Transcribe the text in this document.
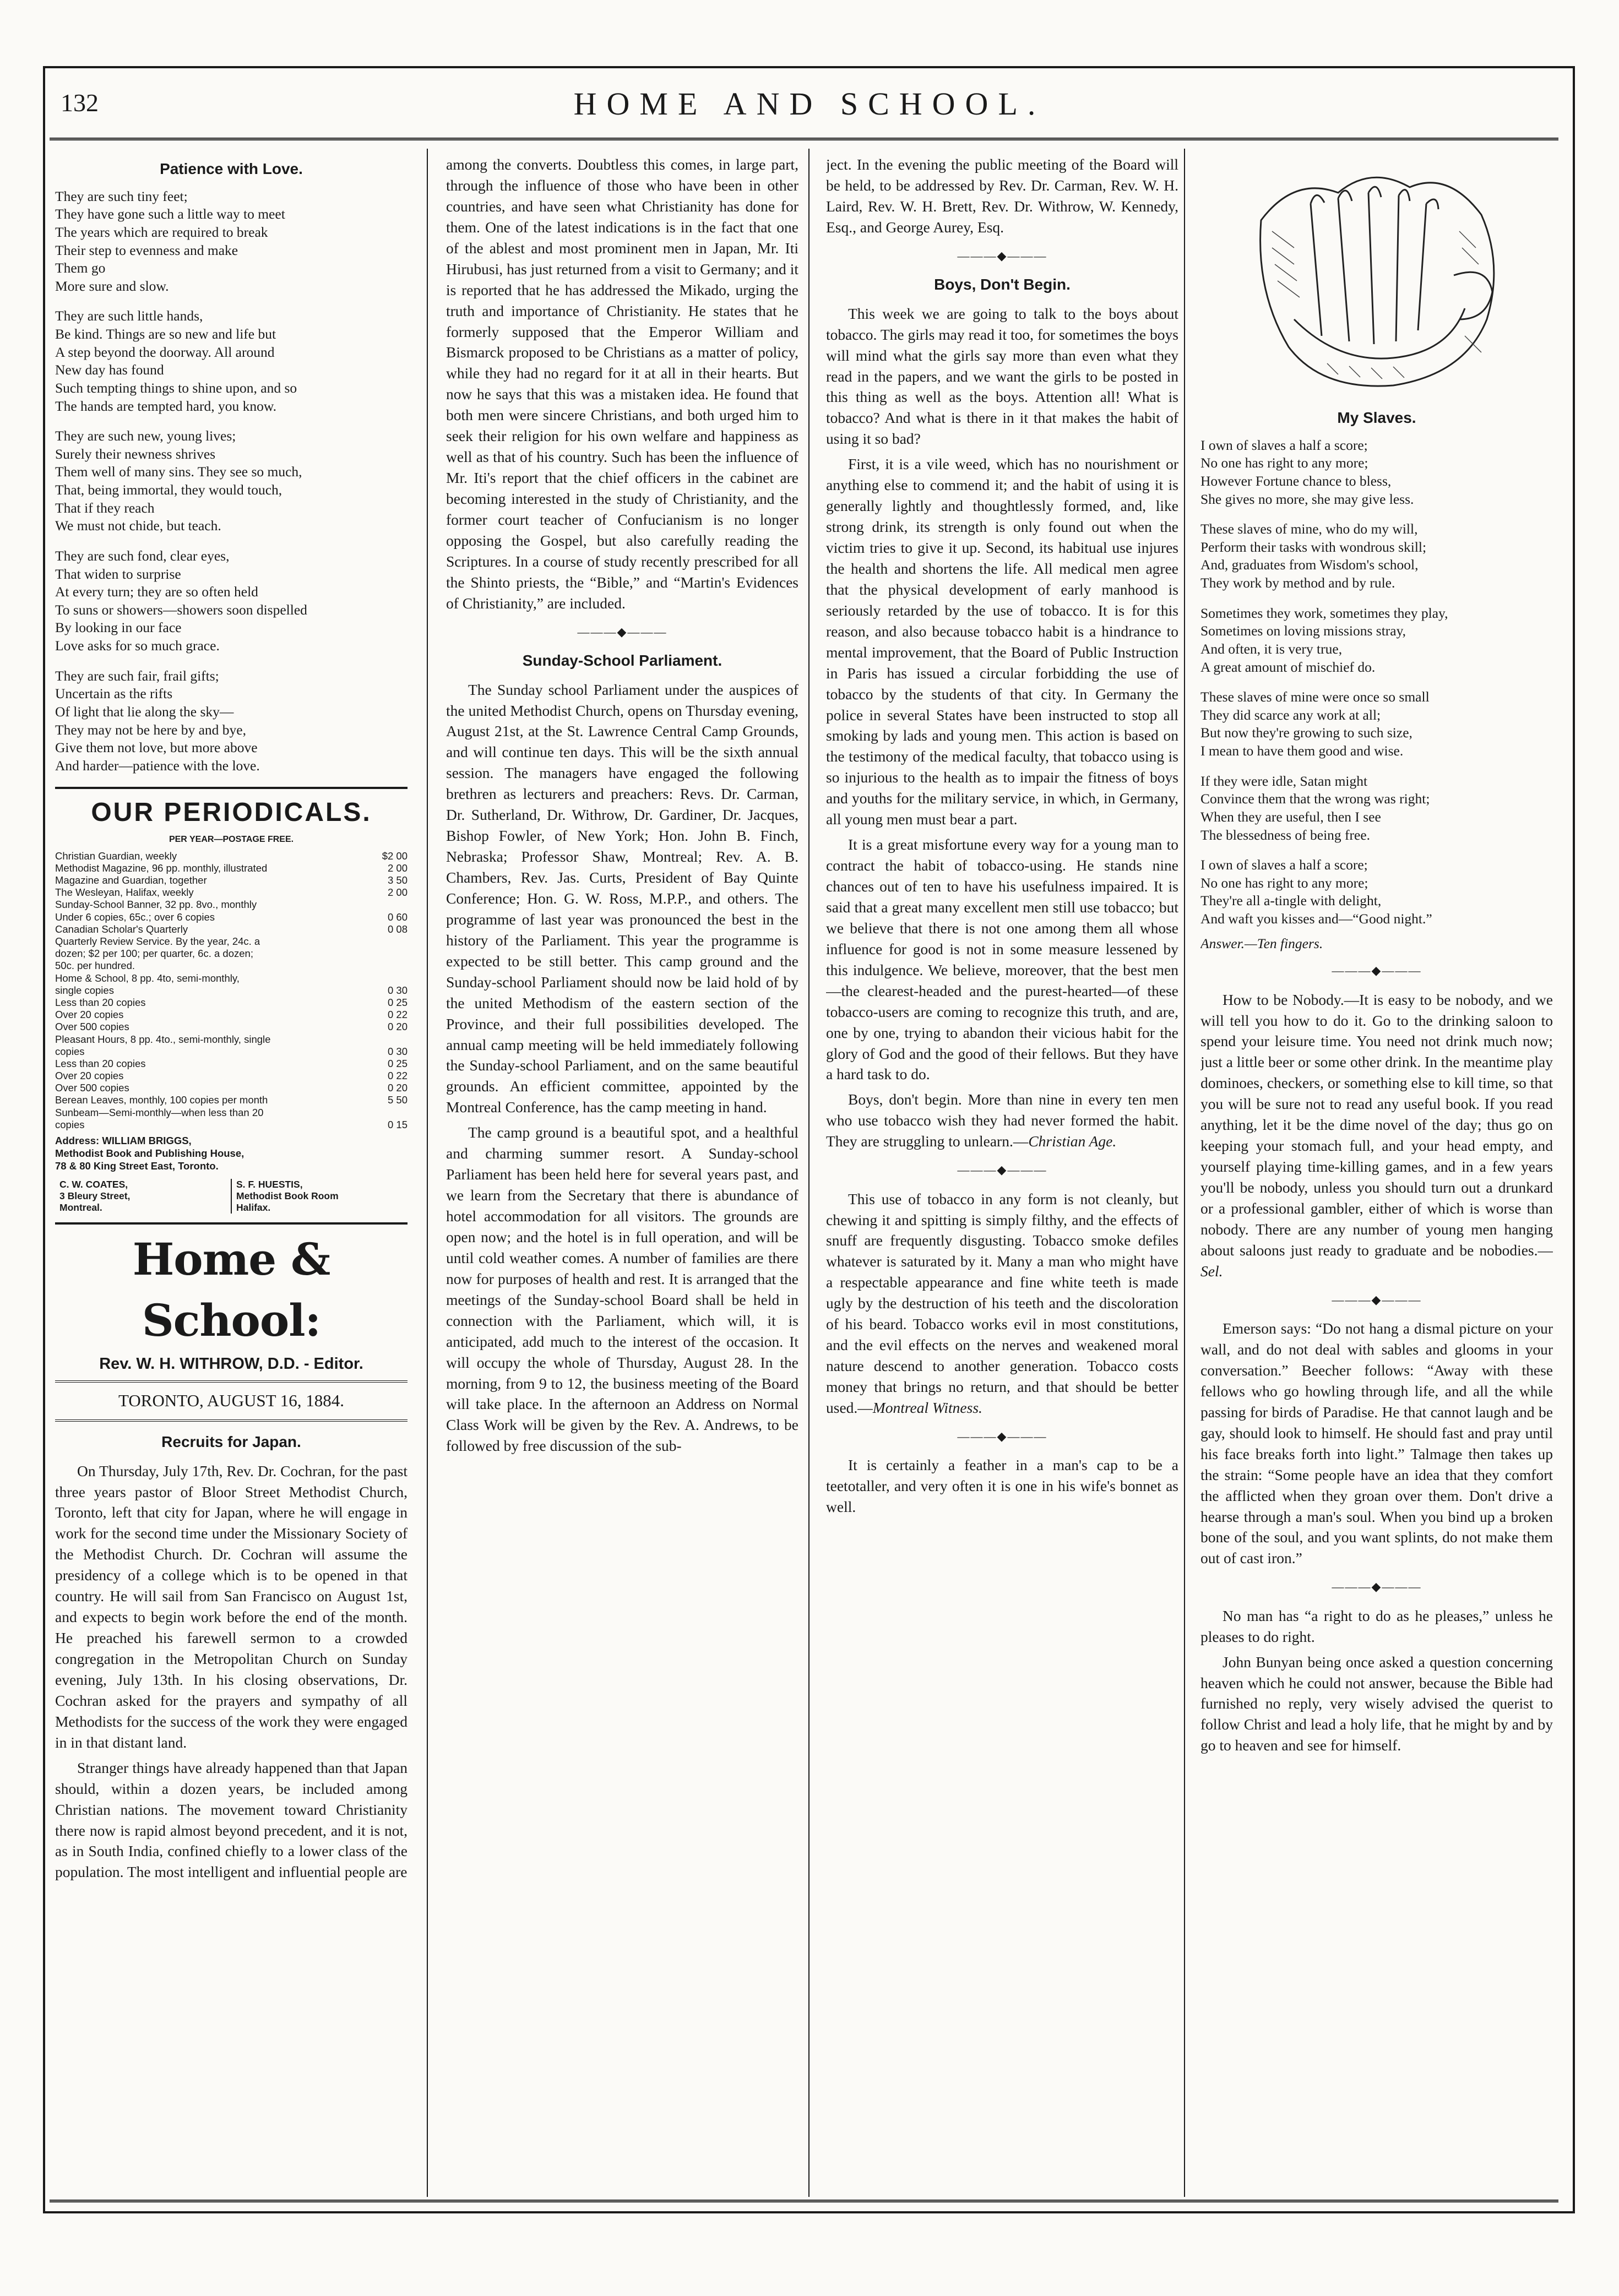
132	HOME AND SCHOOL.
Patience with Love.
They are such tiny feet;
They have gone such a little way to meet
The years which are required to break
Their step to evenness and make
Them go
More sure and slow.
They are such little hands,
Be kind. Things are so new and life but
A step beyond the doorway. All around
New day has found
Such tempting things to shine upon, and so
The hands are tempted hard, you know.
They are such new, young lives;
Surely their newness shrives
Them well of many sins. They see so much,
That, being immortal, they would touch,
That if they reach
We must not chide, but teach.
They are such fond, clear eyes,
That widen to surprise
At every turn; they are so often held
To suns or showers—showers soon dispelled
By looking in our face
Love asks for so much grace.
They are such fair, frail gifts;
Uncertain as the rifts
Of light that lie along the sky—
They may not be here by and bye,
Give them not love, but more above
And harder—patience with the love.
OUR PERIODICALS.
PER YEAR—POSTAGE FREE.
Christian Guardian, weekly	$2 00
Methodist Magazine, 96 pp. monthly, illustrated	2 00
Magazine and Guardian, together	3 50
The Wesleyan, Halifax, weekly	2 00
Sunday-School Banner, 32 pp. 8vo., monthly
Under 6 copies, 65c.; over 6 copies	0 60
Canadian Scholar's Quarterly	0 08
Quarterly Review Service. By the year, 24c. a
dozen; $2 per 100; per quarter, 6c. a dozen;
50c. per hundred.
Home & School, 8 pp. 4to, semi-monthly,
single copies	0 30
Less than 20 copies	0 25
Over 20 copies	0 22
Over 500 copies	0 20
Pleasant Hours, 8 pp. 4to., semi-monthly, single
copies	0 30
Less than 20 copies	0 25
Over 20 copies	0 22
Over 500 copies	0 20
Berean Leaves, monthly, 100 copies per month	5 50
Sunbeam—Semi-monthly—when less than 20
copies	0 15
Address: WILLIAM BRIGGS,
Methodist Book and Publishing House,
78 & 80 King Street East, Toronto.
C. W. COATES,
3 Bleury Street,
Montreal.
S. F. HUESTIS,
Methodist Book Room
Halifax.
Home & School:
Rev. W. H. WITHROW, D.D. - Editor.
TORONTO, AUGUST 16, 1884.
Recruits for Japan.

On Thursday, July 17th, Rev. Dr. Cochran, for the past three years pastor of Bloor Street Methodist Church, Toronto, left that city for Japan, where he will engage in work for the second time under the Missionary Society of the Methodist Church. Dr. Cochran will assume the presidency of a college which is to be opened in that country. He will sail from San Francisco on August 1st, and expects to begin work before the end of the month. He preached his farewell sermon to a crowded congregation in the Metropolitan Church on Sunday evening, July 13th. In his closing observations, Dr. Cochran asked for the prayers and sympathy of all Methodists for the success of the work they were engaged in in that distant land.

Stranger things have already happened than that Japan should, within a dozen years, be included among Christian nations. The movement toward Christianity there now is rapid almost beyond precedent, and it is not, as in South India, confined chiefly to a lower class of the population. The most intelligent and influential people are

among the converts. Doubtless this comes, in large part, through the influence of those who have been in other countries, and have seen what Christianity has done for them. One of the latest indications is in the fact that one of the ablest and most prominent men in Japan, Mr. Iti Hirubusi, has just returned from a visit to Germany; and it is reported that he has addressed the Mikado, urging the truth and importance of Christianity. He states that he formerly supposed that the Emperor William and Bismarck proposed to be Christians as a matter of policy, while they had no regard for it at all in their hearts. But now he says that this was a mistaken idea. He found that both men were sincere Christians, and both urged him to seek their religion for his own welfare and happiness as well as that of his country. Such has been the influence of Mr. Iti's report that the chief officers in the cabinet are becoming interested in the study of Christianity, and the former court teacher of Confucianism is no longer opposing the Gospel, but also carefully reading the Scriptures. In a course of study recently prescribed for all the Shinto priests, the “Bible,” and “Martin's Evidences of Christianity,” are included.

———◆———
Sunday-School Parliament.

The Sunday school Parliament under the auspices of the united Methodist Church, opens on Thursday evening, August 21st, at the St. Lawrence Central Camp Grounds, and will continue ten days. This will be the sixth annual session. The managers have engaged the following brethren as lecturers and preachers: Revs. Dr. Carman, Dr. Sutherland, Dr. Withrow, Dr. Gardiner, Dr. Jacques, Bishop Fowler, of New York; Hon. John B. Finch, Nebraska; Professor Shaw, Montreal; Rev. A. B. Chambers, Rev. Jas. Curts, President of Bay Quinte Conference; Hon. G. W. Ross, M.P.P., and others. The programme of last year was pronounced the best in the history of the Parliament. This year the programme is expected to be still better. This camp ground and the Sunday-school Parliament should now be laid hold of by the united Methodism of the eastern section of the Province, and their full possibilities developed. The annual camp meeting will be held immediately following the Sunday-school Parliament, and on the same beautiful grounds. An efficient committee, appointed by the Montreal Conference, has the camp meeting in hand.

The camp ground is a beautiful spot, and a healthful and charming summer resort. A Sunday-school Parliament has been held here for several years past, and we learn from the Secretary that there is abundance of hotel accommodation for all visitors. The grounds are open now; and the hotel is in full operation, and will be until cold weather comes. A number of families are there now for purposes of health and rest. It is arranged that the meetings of the Sunday-school Board shall be held in connection with the Parliament, which will, it is anticipated, add much to the interest of the occasion. It will occupy the whole of Thursday, August 28. In the morning, from 9 to 12, the business meeting of the Board will take place. In the afternoon an Address on Normal Class Work will be given by the Rev. A. Andrews, to be followed by free discussion of the sub-

ject. In the evening the public meeting of the Board will be held, to be addressed by Rev. Dr. Carman, Rev. W. H. Laird, Rev. W. H. Brett, Rev. Dr. Withrow, W. Kennedy, Esq., and George Aurey, Esq.

———◆———
Boys, Don't Begin.

This week we are going to talk to the boys about tobacco. The girls may read it too, for sometimes the boys will mind what the girls say more than even what they read in the papers, and we want the girls to be posted in this thing as well as the boys. Attention all! What is tobacco? And what is there in it that makes the habit of using it so bad?

First, it is a vile weed, which has no nourishment or anything else to commend it; and the habit of using it is generally lightly and thoughtlessly formed, and, like strong drink, its strength is only found out when the victim tries to give it up. Second, its habitual use injures the health and shortens the life. All medical men agree that the physical development of early manhood is seriously retarded by the use of tobacco. It is for this reason, and also because tobacco habit is a hindrance to mental improvement, that the Board of Public Instruction in Paris has issued a circular forbidding the use of tobacco by the students of that city. In Germany the police in several States have been instructed to stop all smoking by lads and young men. This action is based on the testimony of the medical faculty, that tobacco using is so injurious to the health as to impair the fitness of boys and youths for the military service, in which, in Germany, all young men must bear a part.

It is a great misfortune every way for a young man to contract the habit of tobacco-using. He stands nine chances out of ten to have his usefulness impaired. It is said that a great many excellent men still use tobacco; but we believe that there is not one among them all whose influence for good is not in some measure lessened by this indulgence. We believe, moreover, that the best men—the clearest-headed and the purest-hearted—of these tobacco-users are coming to recognize this truth, and are, one by one, trying to abandon their vicious habit for the glory of God and the good of their fellows. But they have a hard task to do.

Boys, don't begin. More than nine in every ten men who use tobacco wish they had never formed the habit. They are struggling to unlearn.—Christian Age.

———◆———

This use of tobacco in any form is not cleanly, but chewing it and spitting is simply filthy, and the effects of snuff are frequently disgusting. Tobacco smoke defiles whatever is saturated by it. Many a man who might have a respectable appearance and fine white teeth is made ugly by the destruction of his teeth and the discoloration of his beard. Tobacco works evil in most constitutions, and the evil effects on the nerves and weakened moral nature descend to another generation. Tobacco costs money that brings no return, and that should be better used.—Montreal Witness.

———◆———

It is certainly a feather in a man's cap to be a teetotaller, and very often it is one in his wife's bonnet as well.

My Slaves.
I own of slaves a half a score;
No one has right to any more;
However Fortune chance to bless,
She gives no more, she may give less.
These slaves of mine, who do my will,
Perform their tasks with wondrous skill;
And, graduates from Wisdom's school,
They work by method and by rule.
Sometimes they work, sometimes they play,
Sometimes on loving missions stray,
And often, it is very true,
A great amount of mischief do.
These slaves of mine were once so small
They did scarce any work at all;
But now they're growing to such size,
I mean to have them good and wise.
If they were idle, Satan might
Convince them that the wrong was right;
When they are useful, then I see
The blessedness of being free.
I own of slaves a half a score;
No one has right to any more;
They're all a-tingle with delight,
And waft you kisses and—“Good night.”
Answer.—Ten fingers.
———◆———

How to be Nobody.—It is easy to be nobody, and we will tell you how to do it. Go to the drinking saloon to spend your leisure time. You need not drink much now; just a little beer or some other drink. In the meantime play dominoes, checkers, or something else to kill time, so that you will be sure not to read any useful book. If you read anything, let it be the dime novel of the day; thus go on keeping your stomach full, and your head empty, and yourself playing time-killing games, and in a few years you'll be nobody, unless you should turn out a drunkard or a professional gambler, either of which is worse than nobody. There are any number of young men hanging about saloons just ready to graduate and be nobodies.—Sel.

———◆———

Emerson says: “Do not hang a dismal picture on your wall, and do not deal with sables and glooms in your conversation.” Beecher follows: “Away with these fellows who go howling through life, and all the while passing for birds of Paradise. He that cannot laugh and be gay, should look to himself. He should fast and pray until his face breaks forth into light.” Talmage then takes up the strain: “Some people have an idea that they comfort the afflicted when they groan over them. Don't drive a hearse through a man's soul. When you bind up a broken bone of the soul, and you want splints, do not make them out of cast iron.”

———◆———

No man has “a right to do as he pleases,” unless he pleases to do right.

John Bunyan being once asked a question concerning heaven which he could not answer, because the Bible had furnished no reply, very wisely advised the querist to follow Christ and lead a holy life, that he might by and by go to heaven and see for himself.
